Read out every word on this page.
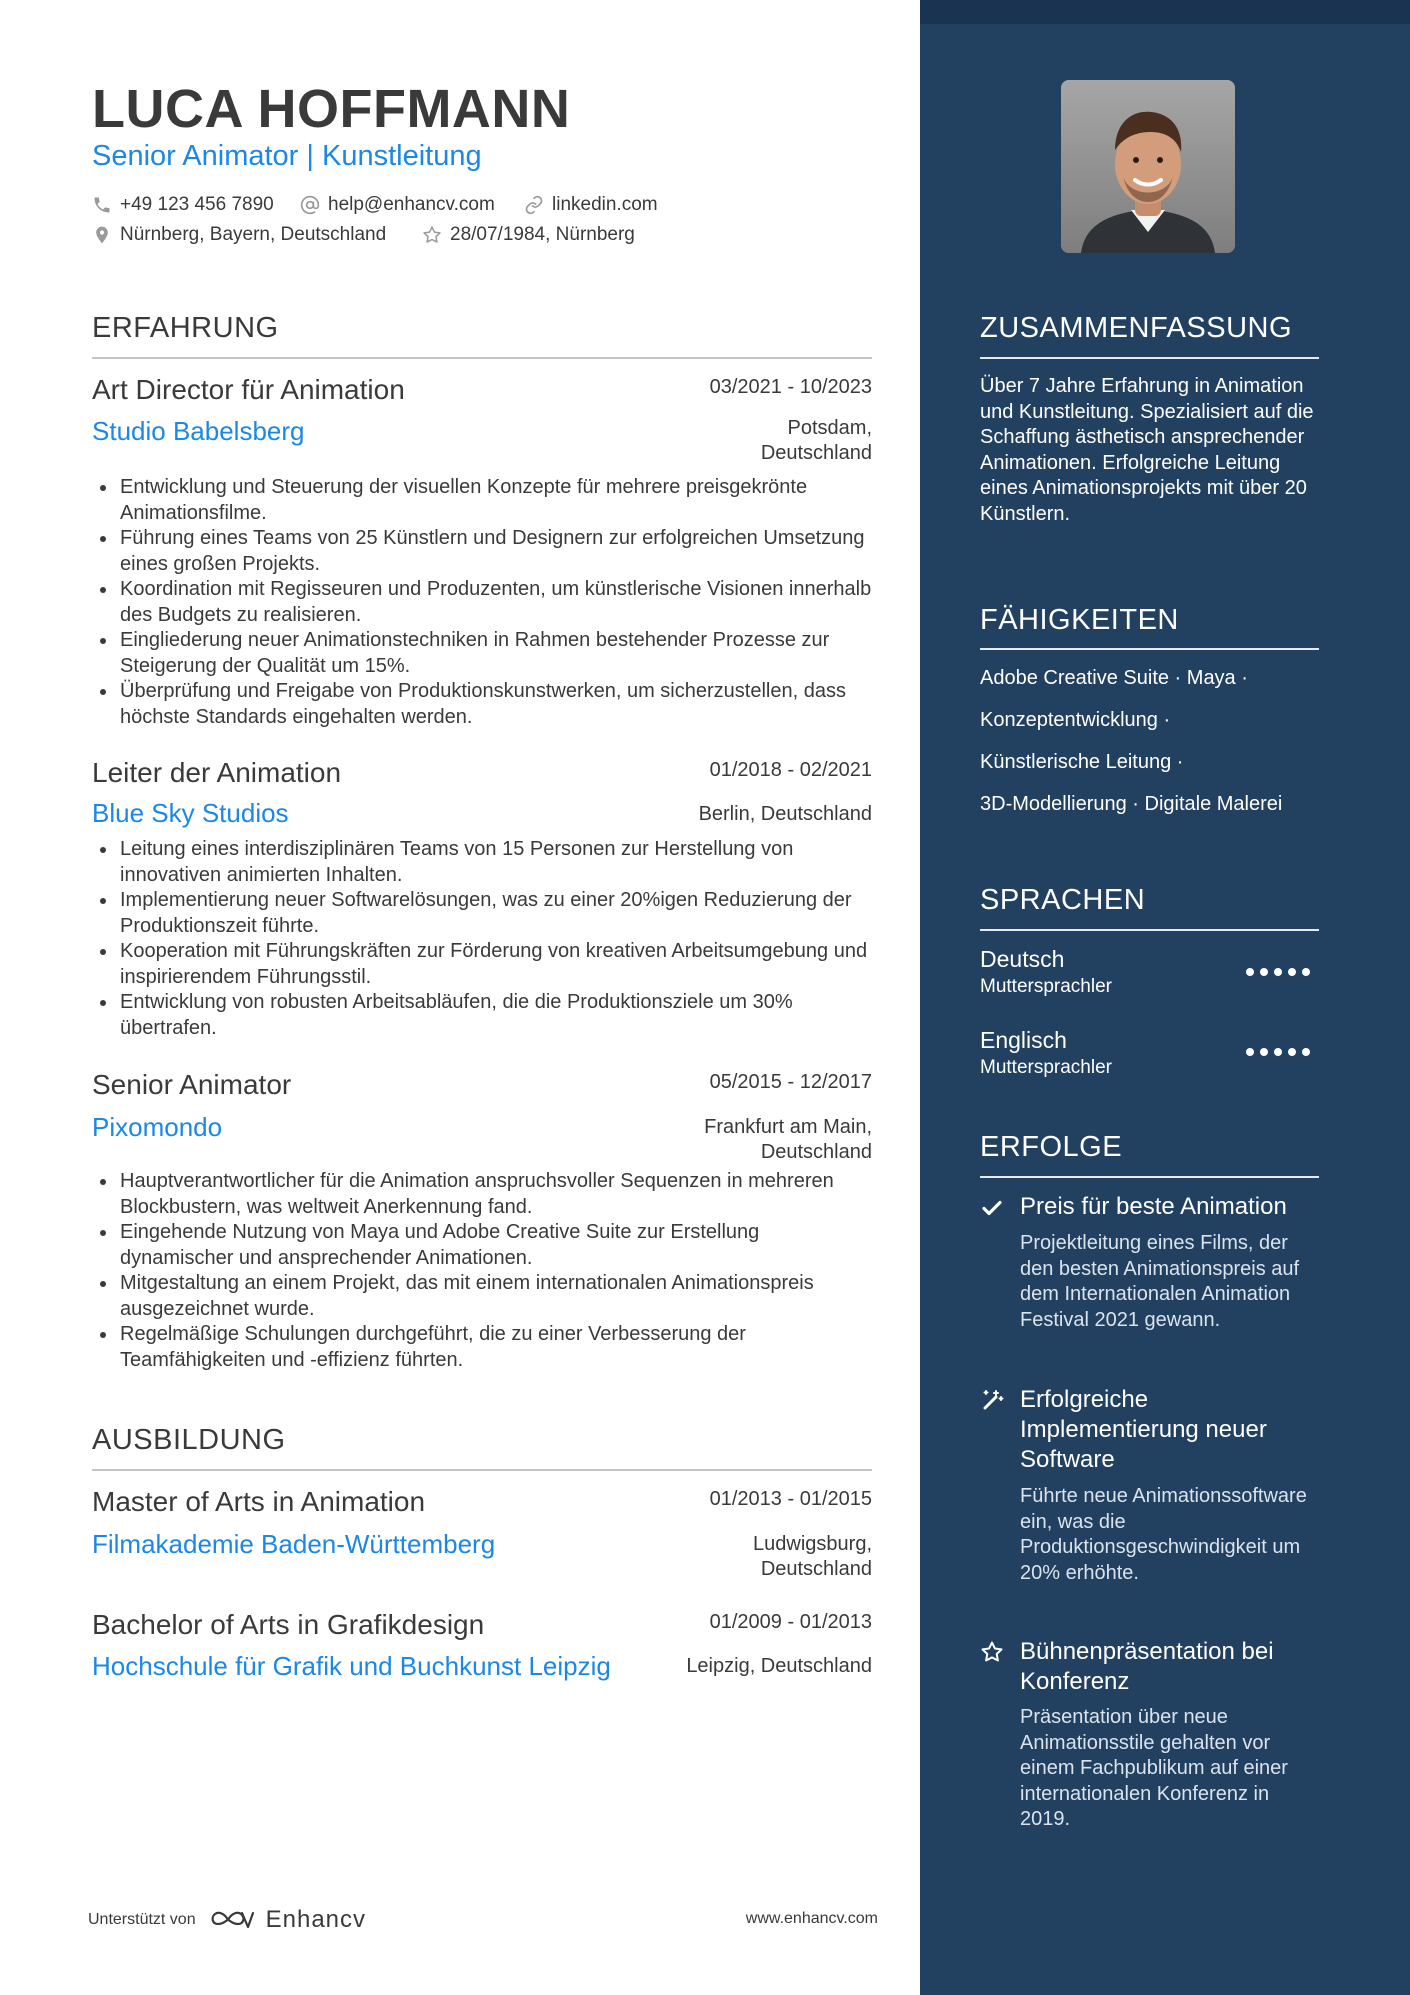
LUCA HOFFMANN
Senior Animator | Kunstleitung
+49 123 456 7890	help@enhancv.com	linkedin.com
Nürnberg, Bayern, Deutschland	28/07/1984, Nürnberg
ERFAHRUNG
Art Director für Animation	03/2021 - 10/2023
Studio Babelsberg	Potsdam,
Deutschland
Entwicklung und Steuerung der visuellen Konzepte für mehrere preisgekrönte Animationsfilme.
Führung eines Teams von 25 Künstlern und Designern zur erfolgreichen Umsetzung eines großen Projekts.
Koordination mit Regisseuren und Produzenten, um künstlerische Visionen innerhalb des Budgets zu realisieren.
Eingliederung neuer Animationstechniken in Rahmen bestehender Prozesse zur Steigerung der Qualität um 15%.
Überprüfung und Freigabe von Produktionskunstwerken, um sicherzustellen, dass höchste Standards eingehalten werden.
Leiter der Animation	01/2018 - 02/2021
Blue Sky Studios	Berlin, Deutschland
Leitung eines interdisziplinären Teams von 15 Personen zur Herstellung von innovativen animierten Inhalten.
Implementierung neuer Softwarelösungen, was zu einer 20%igen Reduzierung der Produktionszeit führte.
Kooperation mit Führungskräften zur Förderung von kreativen Arbeitsumgebung und inspirierendem Führungsstil.
Entwicklung von robusten Arbeitsabläufen, die die Produktionsziele um 30% übertrafen.
Senior Animator	05/2015 - 12/2017
Pixomondo	Frankfurt am Main,
Deutschland
Hauptverantwortlicher für die Animation anspruchsvoller Sequenzen in mehreren Blockbustern, was weltweit Anerkennung fand.
Eingehende Nutzung von Maya und Adobe Creative Suite zur Erstellung dynamischer und ansprechender Animationen.
Mitgestaltung an einem Projekt, das mit einem internationalen Animationspreis ausgezeichnet wurde.
Regelmäßige Schulungen durchgeführt, die zu einer Verbesserung der Teamfähigkeiten und -effizienz führten.
AUSBILDUNG
Master of Arts in Animation	01/2013 - 01/2015
Filmakademie Baden-Württemberg	Ludwigsburg,
Deutschland
Bachelor of Arts in Grafikdesign	01/2009 - 01/2013
Hochschule für Grafik und Buchkunst Leipzig	Leipzig, Deutschland
Unterstützt von	Enhancv	www.enhancv.com
ZUSAMMENFASSUNG
Über 7 Jahre Erfahrung in Animation und Kunstleitung. Spezialisiert auf die Schaffung ästhetisch ansprechender Animationen. Erfolgreiche Leitung eines Animationsprojekts mit über 20 Künstlern.
FÄHIGKEITEN
Adobe Creative Suite · Maya ·
Konzeptentwicklung ·
Künstlerische Leitung ·
3D-Modellierung · Digitale Malerei
SPRACHEN
Deutsch
Muttersprachler
Englisch
Muttersprachler
ERFOLGE
Preis für beste Animation
Projektleitung eines Films, der den besten Animationspreis auf dem Internationalen Animation Festival 2021 gewann.
Erfolgreiche Implementierung neuer Software
Führte neue Animationssoftware ein, was die Produktionsgeschwindigkeit um 20% erhöhte.
Bühnenpräsentation bei Konferenz
Präsentation über neue Animationsstile gehalten vor einem Fachpublikum auf einer internationalen Konferenz in 2019.
